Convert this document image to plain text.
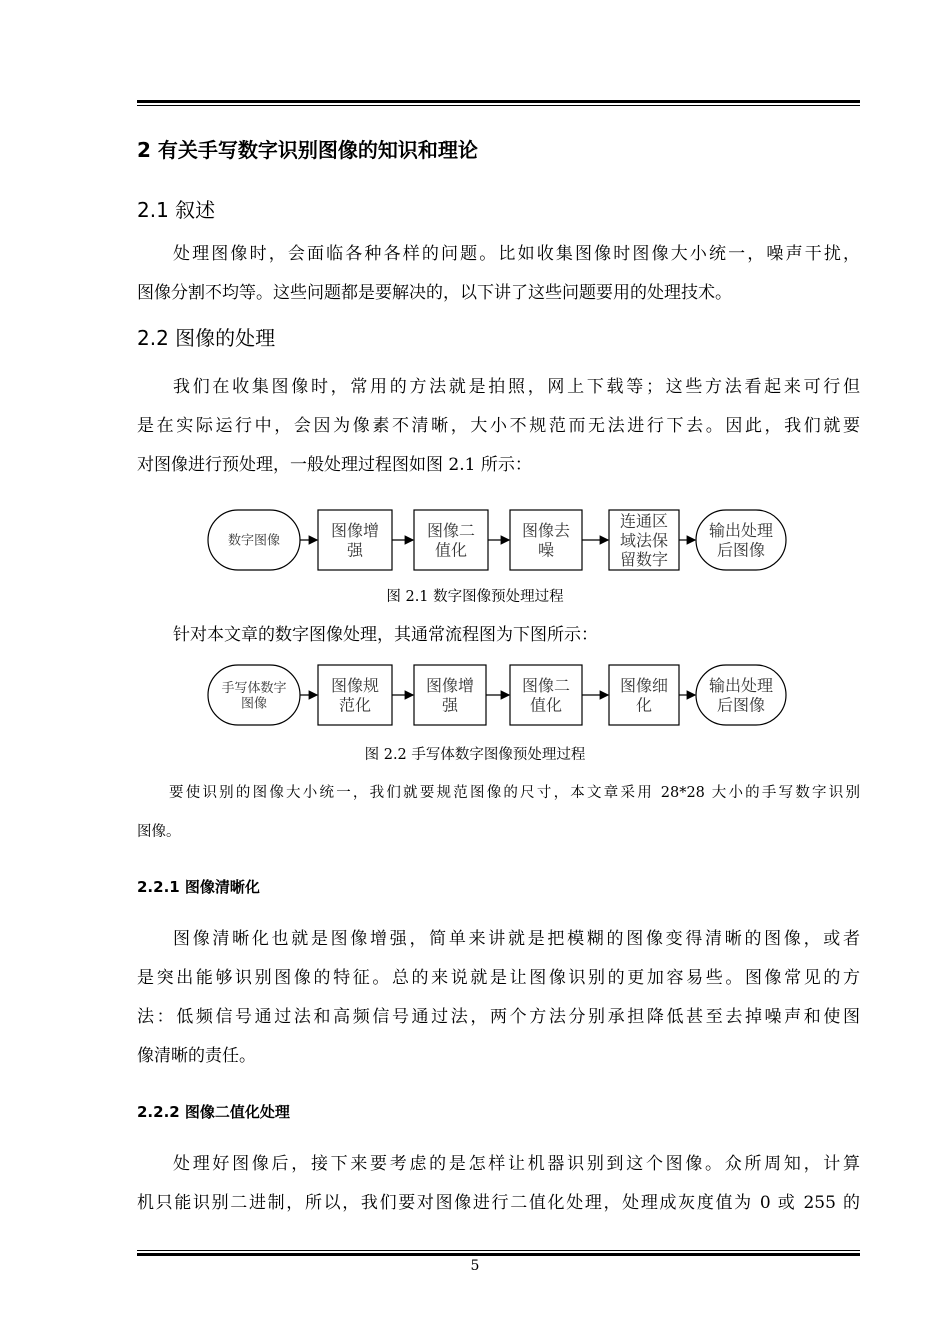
2 有关手写数字识别图像的知识和理论
2.1 叙述
处理图像时，会面临各种各样的问题。比如收集图像时图像大小统一，噪声干扰，
图像分割不均等。这些问题都是要解决的，以下讲了这些问题要用的处理技术。
2.2 图像的处理
我们在收集图像时，常用的方法就是拍照，网上下载等；这些方法看起来可行但
是在实际运行中，会因为像素不清晰，大小不规范而无法进行下去。因此，我们就要
对图像进行预处理，一般处理过程图如图 2.1 所示：
数字图像
图像增
强
图像二
值化
图像去
噪
连通区
域法保
留数字
输出处理
后图像
图 2.1 数字图像预处理过程
针对本文章的数字图像处理，其通常流程图为下图所示：
手写体数字
图像
图像规
范化
图像增
强
图像二
值化
图像细
化
输出处理
后图像
图 2.2 手写体数字图像预处理过程
要使识别的图像大小统一，我们就要规范图像的尺寸，本文章采用 28*28 大小的手写数字识别
图像。
2.2.1 图像清晰化
图像清晰化也就是图像增强，简单来讲就是把模糊的图像变得清晰的图像，或者
是突出能够识别图像的特征。总的来说就是让图像识别的更加容易些。图像常见的方
法：低频信号通过法和高频信号通过法，两个方法分别承担降低甚至去掉噪声和使图
像清晰的责任。
2.2.2 图像二值化处理
处理好图像后，接下来要考虑的是怎样让机器识别到这个图像。众所周知，计算
机只能识别二进制，所以，我们要对图像进行二值化处理，处理成灰度值为 0 或 255 的
5
